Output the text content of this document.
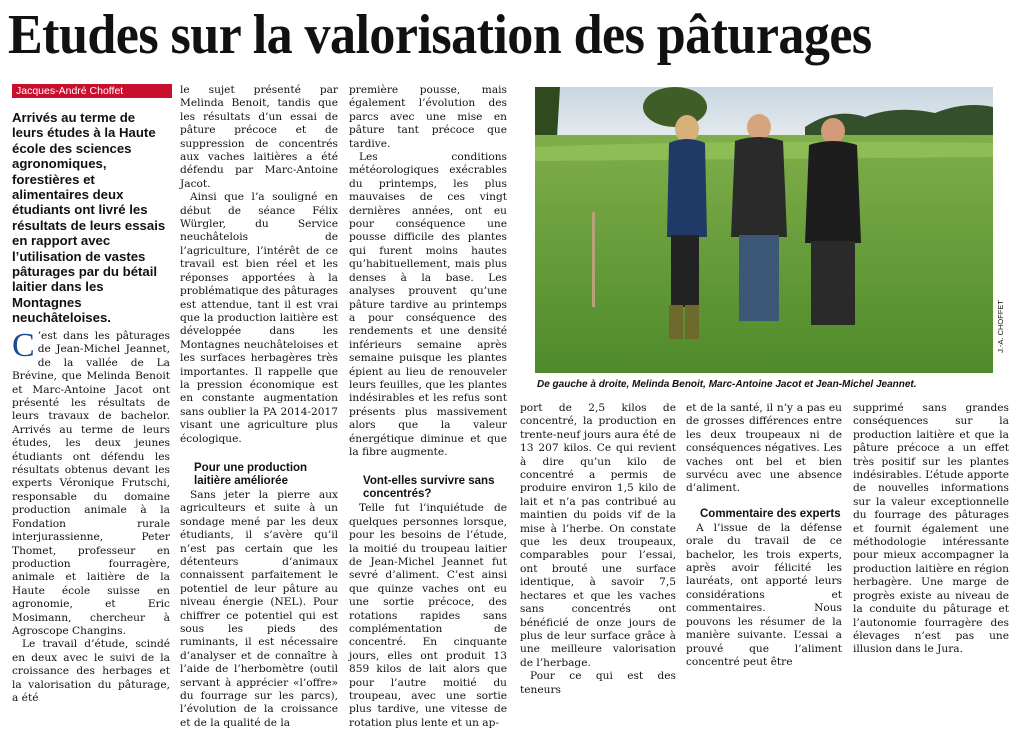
Etudes sur la valorisation des pâturages
Jacques-André Choffet
Arrivés au terme de leurs études à la Haute école des sciences agronomiques, forestières et alimentaires deux étudiants ont livré les résultats de leurs essais en rapport avec l’utilisation de vastes pâturages par du bétail laitier dans les Montagnes neuchâteloises.

C ’est dans les pâturages de Jean-Michel Jeannet, de la vallée de La Brévine, que Melinda Benoit et Marc-Antoine Jacot ont présenté les résultats de leurs travaux de bachelor. Arrivés au terme de leurs études, les deux jeunes étudiants ont défendu les résultats obtenus devant les experts Véronique Frutschi, responsable du domaine production animale à la Fondation rurale interjurassienne, Peter Thomet, professeur en production fourragère, animale et laitière de la Haute école suisse en agronomie, et Eric Mosimann, chercheur à Agroscope Changins.

Le travail d’étude, scindé en deux avec le suivi de la croissance des herbages et la valorisation du pâturage, a été

le sujet présenté par Melinda Benoit, tandis que les résultats d’un essai de pâture précoce et de suppression de concentrés aux vaches laitières a été défendu par Marc-Antoine Jacot.

Ainsi que l’a souligné en début de séance Félix Würgler, du Service neuchâtelois de l’agriculture, l’intérêt de ce travail est bien réel et les réponses apportées à la problématique des pâturages est attendue, tant il est vrai que la production laitière est développée dans les Montagnes neuchâteloises et les surfaces herbagères très importantes. Il rappelle que la pression économique est en constante augmentation sans oublier la PA 2014-2017 visant une agriculture plus écologique.

Pour une production laitière améliorée

Sans jeter la pierre aux agriculteurs et suite à un sondage mené par les deux étudiants, il s’avère qu’il n’est pas certain que les détenteurs d’animaux connaissent parfaitement le potentiel de leur pâture au niveau énergie (NEL). Pour chiffrer ce potentiel qui est sous les pieds des ruminants, il est nécessaire d’analyser et de connaître à l’aide de l’herbomètre (outil servant à apprécier «l’offre» du fourrage sur les parcs), l’évolution de la croissance et de la qualité de la

première pousse, mais également l’évolution des parcs avec une mise en pâture tant précoce que tardive.

Les conditions météorologiques exécrables du printemps, les plus mauvaises de ces vingt dernières années, ont eu pour conséquence une pousse difficile des plantes qui furent moins hautes qu’habituellement, mais plus denses à la base. Les analyses prouvent qu’une pâture tardive au printemps a pour conséquence des rendements et une densité inférieurs semaine après semaine puisque les plantes épient au lieu de renouveler leurs feuilles, que les plantes indésirables et les refus sont présents plus massivement alors que la valeur énergétique diminue et que la fibre augmente.

Vont-elles survivre sans concentrés?

Telle fut l’inquiétude de quelques personnes lorsque, pour les besoins de l’étude, la moitié du troupeau laitier de Jean-Michel Jeannet fut sevré d’aliment. C’est ainsi que quinze vaches ont eu une sortie précoce, des rotations rapides sans complémentation de concentré. En cinquante jours, elles ont produit 13 859 kilos de lait alors que pour l’autre moitié du troupeau, avec une sortie plus tardive, une vitesse de rotation plus lente et un ap-

J.-A. CHOFFET
De gauche à droite, Melinda Benoit, Marc-Antoine Jacot et Jean-Michel Jeannet.

port de 2,5 kilos de concentré, la production en trente-neuf jours aura été de 13 207 kilos. Ce qui revient à dire qu’un kilo de concentré a permis de produire environ 1,5 kilo de lait et n’a pas contribué au maintien du poids vif de la mise à l’herbe. On constate que les deux troupeaux, comparables pour l’essai, ont brouté une surface identique, à savoir 7,5 hectares et que les vaches sans concentrés ont bénéficié de onze jours de plus de leur surface grâce à une meilleure valorisation de l’herbage.

Pour ce qui est des teneurs

et de la santé, il n’y a pas eu de grosses différences entre les deux troupeaux ni de conséquences négatives. Les vaches ont bel et bien survécu avec une absence d’aliment.

Commentaire des experts

A l’issue de la défense orale du travail de ce bachelor, les trois experts, après avoir félicité les lauréats, ont apporté leurs considérations et commentaires. Nous pouvons les résumer de la manière suivante. L’essai a prouvé que l’aliment concentré peut être

supprimé sans grandes conséquences sur la production laitière et que la pâture précoce a un effet très positif sur les plantes indésirables. L’étude apporte de nouvelles informations sur la valeur exceptionnelle du fourrage des pâturages et fournit également une méthodologie intéressante pour mieux accompagner la production laitière en région herbagère. Une marge de progrès existe au niveau de la conduite du pâturage et l’autonomie fourragère des élevages n’est pas une illusion dans le Jura.
